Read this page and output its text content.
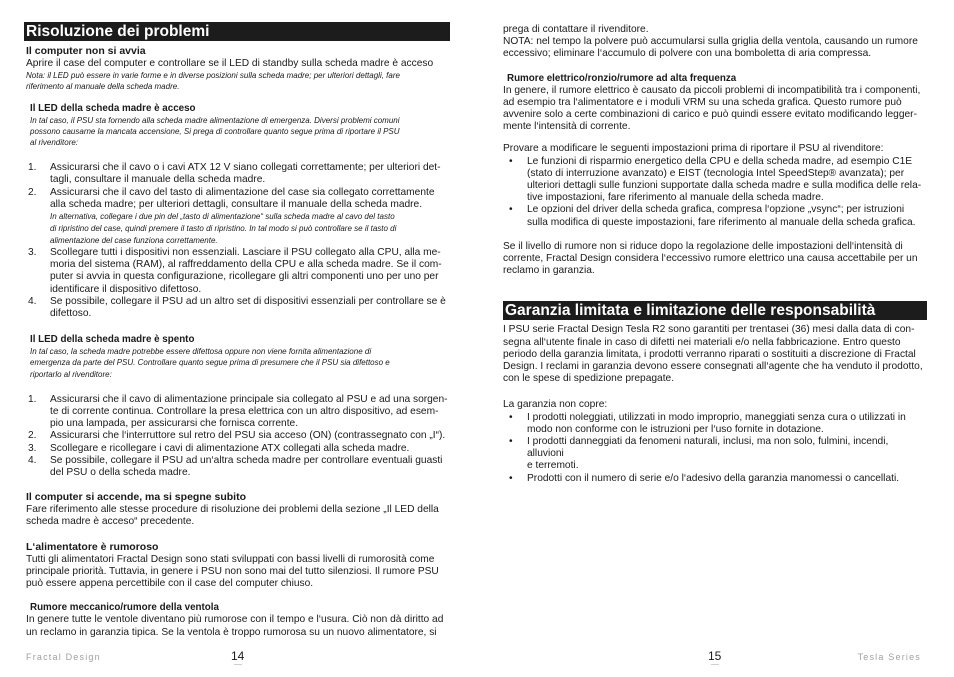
Risoluzione dei problemi
Il computer non si avvia
Aprire il case del computer e controllare se il LED di standby sulla scheda madre è acceso
Nota: il LED può essere in varie forme e in diverse posizioni sulla scheda madre; per ulteriori dettagli, fare
riferimento al manuale della scheda madre.
Il LED della scheda madre è acceso
In tal caso, il PSU sta fornendo alla scheda madre alimentazione di emergenza. Diversi problemi comuni
possono causarne la mancata accensione, Si prega di controllare quanto segue prima di riportare il PSU
al rivenditore:
1. Assicurarsi che il cavo o i cavi ATX 12 V siano collegati correttamente; per ulteriori det-
tagli, consultare il manuale della scheda madre.
2. Assicurarsi che il cavo del tasto di alimentazione del case sia collegato correttamente
alla scheda madre; per ulteriori dettagli, consultare il manuale della scheda madre.
In alternativa, collegare i due pin del „tasto di alimentazione“ sulla scheda madre al cavo del tasto
di ripristino del case, quindi premere il tasto di ripristino. In tal modo si può controllare se il tasto di
alimentazione del case funziona correttamente.
3. Scollegare tutti i dispositivi non essenziali. Lasciare il PSU collegato alla CPU, alla me-
moria del sistema (RAM), al raffreddamento della CPU e alla scheda madre. Se il com-
puter si avvia in questa configurazione, ricollegare gli altri componenti uno per uno per
identificare il dispositivo difettoso.
4. Se possibile, collegare il PSU ad un altro set di dispositivi essenziali per controllare se è
difettoso.
Il LED della scheda madre è spento
In tal caso, la scheda madre potrebbe essere difettosa oppure non viene fornita alimentazione di
emergenza da parte del PSU. Controllare quanto segue prima di presumere che il PSU sia difettoso e
riportarlo al rivenditore:
1. Assicurarsi che il cavo di alimentazione principale sia collegato al PSU e ad una sorgen-
te di corrente continua. Controllare la presa elettrica con un altro dispositivo, ad esem-
pio una lampada, per assicurarsi che fornisca corrente.
2. Assicurarsi che l‘interruttore sul retro del PSU sia acceso (ON) (contrassegnato con „I“).
3. Scollegare e ricollegare i cavi di alimentazione ATX collegati alla scheda madre.
4. Se possibile, collegare il PSU ad un‘altra scheda madre per controllare eventuali guasti
del PSU o della scheda madre.
Il computer si accende, ma si spegne subito
Fare riferimento alle stesse procedure di risoluzione dei problemi della sezione „Il LED della
scheda madre è acceso“ precedente.
L‘alimentatore è rumoroso
Tutti gli alimentatori Fractal Design sono stati sviluppati con bassi livelli di rumorosità come
principale priorità. Tuttavia, in genere i PSU non sono mai del tutto silenziosi. Il rumore PSU
può essere appena percettibile con il case del computer chiuso.
Rumore meccanico/rumore della ventola
In genere tutte le ventole diventano più rumorose con il tempo e l‘usura. Ciò non dà diritto ad
un reclamo in garanzia tipica. Se la ventola è troppo rumorosa su un nuovo alimentatore, si
prega di contattare il rivenditore.
NOTA: nel tempo la polvere può accumularsi sulla griglia della ventola, causando un rumore
eccessivo; eliminare l‘accumulo di polvere con una bomboletta di aria compressa.
Rumore elettrico/ronzio/rumore ad alta frequenza
In genere, il rumore elettrico è causato da piccoli problemi di incompatibilità tra i componenti,
ad esempio tra l‘alimentatore e i moduli VRM su una scheda grafica. Questo rumore può
avvenire solo a certe combinazioni di carico e può quindi essere evitato modificando legger-
mente l‘intensità di corrente.
Provare a modificare le seguenti impostazioni prima di riportare il PSU al rivenditore:
• Le funzioni di risparmio energetico della CPU e della scheda madre, ad esempio C1E
(stato di interruzione avanzato) e EIST (tecnologia Intel SpeedStep® avanzata); per
ulteriori dettagli sulle funzioni supportate dalla scheda madre e sulla modifica delle rela-
tive impostazioni, fare riferimento al manuale della scheda madre.
• Le opzioni del driver della scheda grafica, compresa l‘opzione „vsync“; per istruzioni
sulla modifica di queste impostazioni, fare riferimento al manuale della scheda grafica.
Se il livello di rumore non si riduce dopo la regolazione delle impostazioni dell‘intensità di
corrente, Fractal Design considera l‘eccessivo rumore elettrico una causa accettabile per un
reclamo in garanzia.
Garanzia limitata e limitazione delle responsabilità
I PSU serie Fractal Design Tesla R2 sono garantiti per trentasei (36) mesi dalla data di con-
segna all‘utente finale in caso di difetti nei materiali e/o nella fabbricazione. Entro questo
periodo della garanzia limitata, i prodotti verranno riparati o sostituiti a discrezione di Fractal
Design. I reclami in garanzia devono essere consegnati all‘agente che ha venduto il prodotto,
con le spese di spedizione prepagate.
La garanzia non copre:
• I prodotti noleggiati, utilizzati in modo improprio, maneggiati senza cura o utilizzati in
modo non conforme con le istruzioni per l‘uso fornite in dotazione.
• I prodotti danneggiati da fenomeni naturali, inclusi, ma non solo, fulmini, incendi, alluvioni
e terremoti.
• Prodotti con il numero di serie e/o l‘adesivo della garanzia manomessi o cancellati.
Fractal Design	14	15	Tesla Series
